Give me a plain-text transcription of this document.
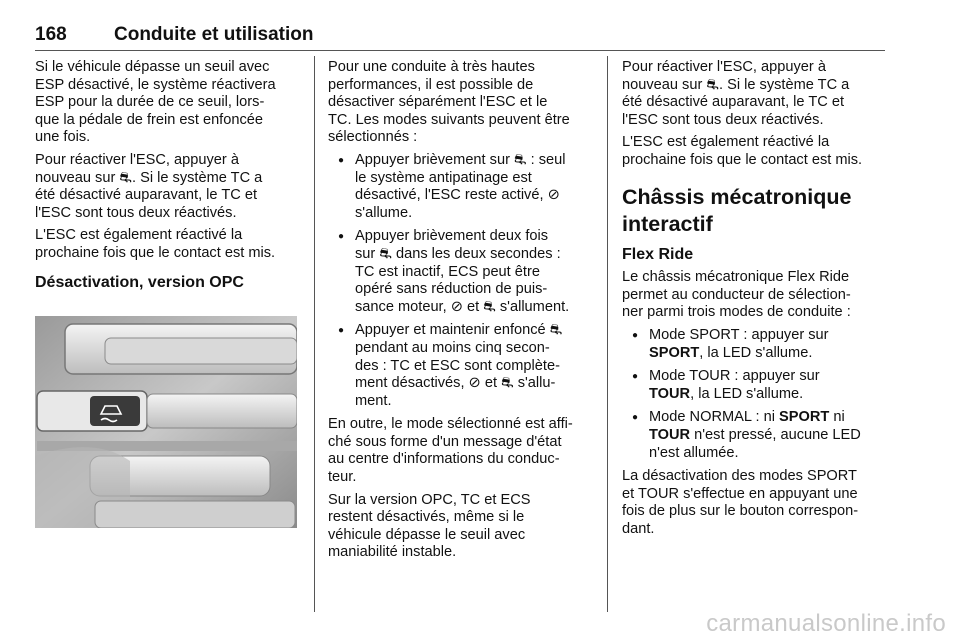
168 Conduite et utilisation

Si le véhicule dépasse un seuil avec
ESP désactivé, le système réactivera
ESP pour la durée de ce seuil, lors-
que la pédale de frein est enfoncée
une fois.

Pour réactiver l'ESC, appuyer à
nouveau sur ⛐. Si le système TC a
été désactivé auparavant, le TC et
l'ESC sont tous deux réactivés.

L'ESC est également réactivé la
prochaine fois que le contact est mis.

Désactivation, version OPC

Pour une conduite à très hautes
performances, il est possible de
désactiver séparément l'ESC et le
TC. Les modes suivants peuvent être
sélectionnés :

● Appuyer brièvement sur ⛐ : seul
le système antipatinage est
désactivé, l'ESC reste activé, ⊘
s'allume.
● Appuyer brièvement deux fois
sur ⛐ dans les deux secondes :
TC est inactif, ECS peut être
opéré sans réduction de puis-
sance moteur, ⊘ et ⛐ s'allument.
● Appuyer et maintenir enfoncé ⛐
pendant au moins cinq secon-
des : TC et ESC sont complète-
ment désactivés, ⊘ et ⛐ s'allu-
ment.

En outre, le mode sélectionné est affi-
ché sous forme d'un message d'état
au centre d'informations du conduc-
teur.

Sur la version OPC, TC et ECS
restent désactivés, même si le
véhicule dépasse le seuil avec
maniabilité instable.

Pour réactiver l'ESC, appuyer à
nouveau sur ⛐. Si le système TC a
été désactivé auparavant, le TC et
l'ESC sont tous deux réactivés.

L'ESC est également réactivé la
prochaine fois que le contact est mis.

Châssis mécatronique
interactif
Flex Ride

Le châssis mécatronique Flex Ride
permet au conducteur de sélection-
ner parmi trois modes de conduite :

● Mode SPORT : appuyer sur
SPORT, la LED s'allume.
● Mode TOUR : appuyer sur
TOUR, la LED s'allume.
● Mode NORMAL : ni SPORT ni
TOUR n'est pressé, aucune LED
n'est allumée.

La désactivation des modes SPORT
et TOUR s'effectue en appuyant une
fois de plus sur le bouton correspon-
dant.

carmanualsonline.info
